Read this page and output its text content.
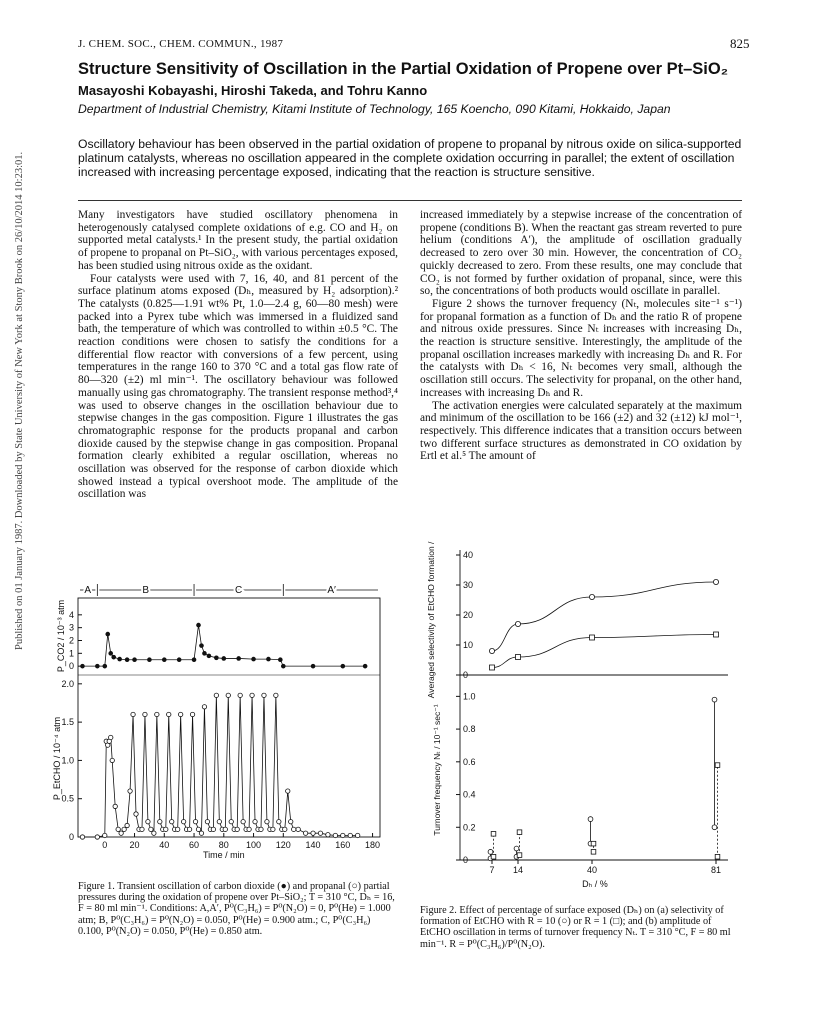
Published on 01 January 1987. Downloaded by State University of New York at Stony Brook on 26/10/2014 10:23:01.
J. CHEM. SOC., CHEM. COMMUN., 1987	825
Structure Sensitivity of Oscillation in the Partial Oxidation of Propene over Pt–SiO₂
Masayoshi Kobayashi, Hiroshi Takeda, and Tohru Kanno
Department of Industrial Chemistry, Kitami Institute of Technology, 165 Koencho, 090 Kitami, Hokkaido, Japan
Oscillatory behaviour has been observed in the partial oxidation of propene to propanal by nitrous oxide on silica-supported platinum catalysts, whereas no oscillation appeared in the complete oxidation occurring in parallel; the extent of oscillation increased with increasing percentage exposed, indicating that the reaction is structure sensitive.

Many investigators have studied oscillatory phenomena in heterogenously catalysed complete oxidations of e.g. CO and H₂ on supported metal catalysts.¹ In the present study, the partial oxidation of propene to propanal on Pt–SiO₂, with various percentages exposed, has been studied using nitrous oxide as the oxidant.

Four catalysts were used with 7, 16, 40, and 81 percent of the surface platinum atoms exposed (Dₕ, measured by H₂ adsorption).² The catalysts (0.825—1.91 wt% Pt, 1.0—2.4 g, 60—80 mesh) were packed into a Pyrex tube which was immersed in a fluidized sand bath, the temperature of which was controlled to within ±0.5 °C. The reaction conditions were chosen to satisfy the conditions for a differential flow reactor with conversions of a few percent, using temperatures in the range 160 to 370 °C and a total gas flow rate of 80—320 (±2) ml min⁻¹. The oscillatory behaviour was followed manually using gas chromatography. The transient response method³,⁴ was used to observe changes in the oscillation behaviour due to stepwise changes in the gas composition. Figure 1 illustrates the gas chromatographic response for the products propanal and carbon dioxide caused by the stepwise change in gas composition. Propanal formation clearly exhibited a regular oscillation, whereas no oscillation was observed for the response of carbon dioxide which showed instead a typical overshoot mode. The amplitude of the oscillation was

increased immediately by a stepwise increase of the concentration of propene (conditions B). When the reactant gas stream reverted to pure helium (conditions A′), the amplitude of oscillation gradually decreased to zero over 30 min. However, the concentration of CO₂ quickly decreased to zero. From these results, one may conclude that CO₂ is not formed by further oxidation of propanal, since, were this so, the concentrations of both products would oscillate in parallel.

Figure 2 shows the turnover frequency (Nₜ, molecules site⁻¹ s⁻¹) for propanal formation as a function of Dₕ and the ratio R of propene and nitrous oxide pressures. Since Nₜ increases with increasing Dₕ, the reaction is structure sensitive. Interestingly, the amplitude of the propanal oscillation increases markedly with increasing Dₕ and R. For the catalysts with Dₕ < 16, Nₜ becomes very small, although the oscillation still occurs. The selectivity for propanal, on the other hand, increases with increasing Dₕ and R.

The activation energies were calculated separately at the maximum and minimum of the oscillation to be 166 (±2) and 32 (±12) kJ mol⁻¹, respectively. This difference indicates that a transition occurs between two different surface structures as demonstrated in CO oxidation by Ertl et al.⁵ The amount of

A	B	C	A′
0
1
2
3
4
P_CO2 / 10⁻³ atm
0
0.5
1.0
1.5
2.0
P_EtCHO / 10⁻⁴ atm
0 20 40 60 80 100 120 140 160 180
Time / min
0
10
20
30
40
Averaged selectivity of EtCHO formation / %
0
0.2
0.4
0.6
0.8
1.0
Turnover frequency Nₜ / 10⁻¹ sec⁻¹
7 14	40	81
Dₕ / %
Figure 1. Transient oscillation of carbon dioxide (●) and propanal (○) partial pressures during the oxidation of propene over Pt–SiO₂; T = 310 °C, Dₕ = 16, F = 80 ml min⁻¹. Conditions: A,A′, P⁰(C₃H₆) = P⁰(N₂O) = 0, P⁰(He) = 1.000 atm; B, P⁰(C₃H₆) = P⁰(N₂O) = 0.050, P⁰(He) = 0.900 atm.; C, P⁰(C₃H₆) 0.100, P⁰(N₂O) = 0.050, P⁰(He) = 0.850 atm.
Figure 2. Effect of percentage of surface exposed (Dₕ) on (a) selectivity of formation of EtCHO with R = 10 (○) or R = 1 (□); and (b) amplitude of EtCHO oscillation in terms of turnover frequency Nₜ. T = 310 °C, F = 80 ml min⁻¹. R = P⁰(C₃H₆)/P⁰(N₂O).
